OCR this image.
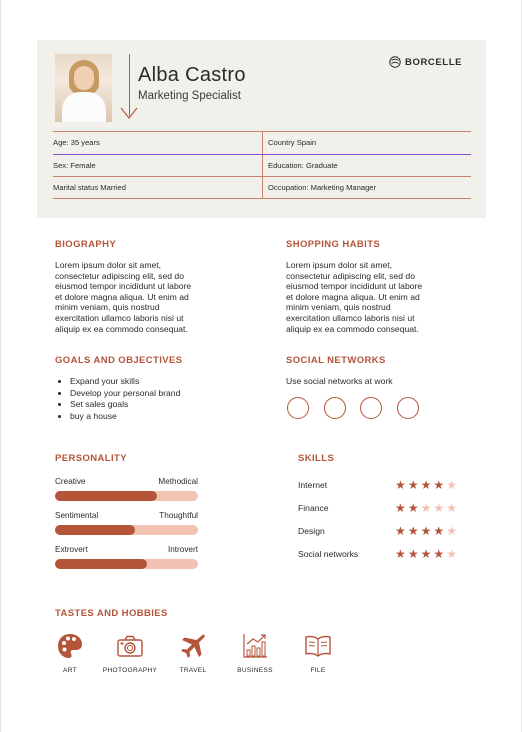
Alba Castro
Marketing Specialist
BORCELLE
Age: 35 years	Country Spain
Sex: Female	Education: Graduate
Marital status Married	Occupation: Marketing Manager
BIOGRAPHY
Lorem ipsum dolor sit amet,
consectetur adipiscing elit, sed do
eiusmod tempor incididunt ut labore
et dolore magna aliqua. Ut enim ad
minim veniam, quis nostrud
exercitation ullamco laboris nisi ut
aliquip ex ea commodo consequat.
SHOPPING HABITS
Lorem ipsum dolor sit amet,
consectetur adipiscing elit, sed do
eiusmod tempor incididunt ut labore
et dolore magna aliqua. Ut enim ad
minim veniam, quis nostrud
exercitation ullamco laboris nisi ut
aliquip ex ea commodo consequat.
GOALS AND OBJECTIVES
Expand your skills
Develop your personal brand
Set sales goals
buy a house
SOCIAL NETWORKS
Use social networks at work
PERSONALITY
Creative	Methodical
Sentimental	Thoughtful
Extrovert	Introvert
SKILLS
Internet	★ ★ ★ ★ ★
Finance	★ ★ ★ ★ ★
Design	★ ★ ★ ★ ★
Social networks	★ ★ ★ ★ ★
TASTES AND HOBBIES
ART	PHOTOGRAPHY	TRAVEL	BUSINESS	FILE
